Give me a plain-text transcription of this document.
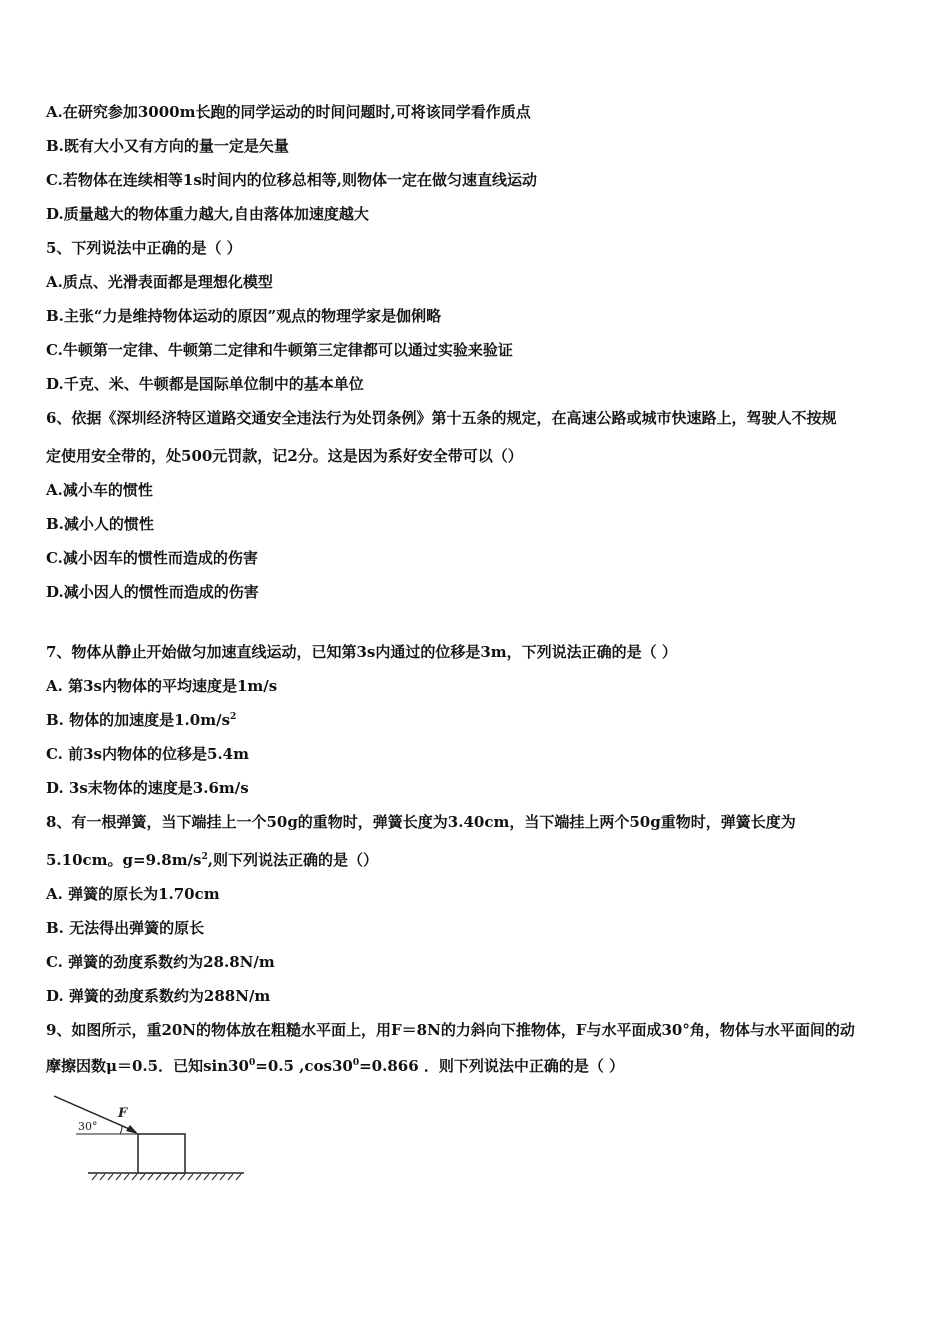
A.在研究参加3000m长跑的同学运动的时间问题时,可将该同学看作质点
B.既有大小又有方向的量一定是矢量
C.若物体在连续相等1s时间内的位移总相等,则物体一定在做匀速直线运动
D.质量越大的物体重力越大,自由落体加速度越大
5、下列说法中正确的是（ ）
A.质点、光滑表面都是理想化模型
B.主张“力是维持物体运动的原因”观点的物理学家是伽俐略
C.牛顿第一定律、牛顿第二定律和牛顿第三定律都可以通过实验来验证
D.千克、米、牛顿都是国际单位制中的基本单位
6、依据《深圳经济特区道路交通安全违法行为处罚条例》第十五条的规定，在高速公路或城市快速路上，驾驶人不按规
定使用安全带的，处500元罚款，记2分。这是因为系好安全带可以（）
A.减小车的惯性
B.减小人的惯性
C.减小因车的惯性而造成的伤害
D.减小因人的惯性而造成的伤害
7、物体从静止开始做匀加速直线运动，已知第3s内通过的位移是3m，下列说法正确的是（ ）
A. 第3s内物体的平均速度是1m/s
B. 物体的加速度是$1.0m/s^2$
C. 前3s内物体的位移是5.4m
D. 3s末物体的速度是3.6m/s
8、有一根弹簧，当下端挂上一个50g的重物时，弹簧长度为3.40cm，当下端挂上两个50g重物时，弹簧长度为
5.10cm。$g=9.8m/s^2$,则下列说法正确的是（）
A. 弹簧的原长为1.70cm
B. 无法得出弹簧的原长
C. 弹簧的劲度系数约为28.8N/m
D. 弹簧的劲度系数约为288N/m
9、如图所示，重20N的物体放在粗糙水平面上，用F＝8N的力斜向下推物体，F与水平面成30°角，物体与水平面间的动
摩擦因数μ＝0.5．已知$\sin 30^0=0.5$ $,\cos 30^0=0.866$ ．则下列说法中正确的是（ ）
F
30°
